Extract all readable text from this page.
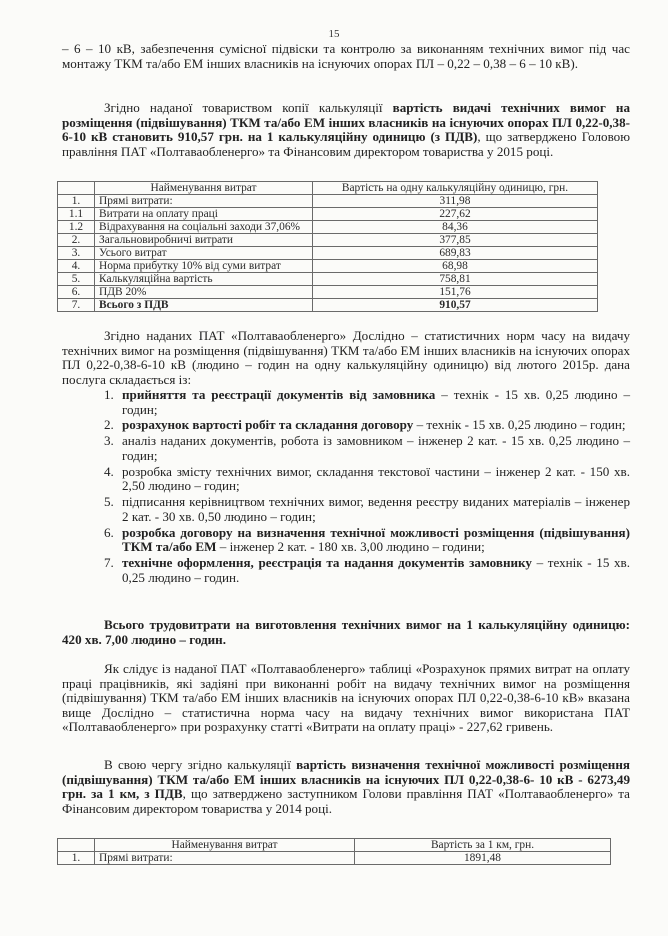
15
– 6 – 10 кВ, забезпечення сумісної підвіски та контролю за виконанням технічних вимог під час монтажу ТКМ та/або ЕМ інших власників на існуючих опорах ПЛ – 0,22 – 0,38 – 6 – 10 кВ).
Згідно наданої товариством копії калькуляції вартість видачі технічних вимог на розміщення (підвішування) ТКМ та/або ЕМ інших власників на існуючих опорах ПЛ 0,22-0,38-6-10 кВ становить 910,57 грн. на 1 калькуляційну одиницю (з ПДВ), що затверджено Головою правління ПАТ «Полтаваобленерго» та Фінансовим директором товариства у 2015 році.
	Найменування витрат	Вартість на одну калькуляційну одиницю, грн.
1.	Прямі витрати:	311,98
1.1	Витрати на оплату праці	227,62
1.2	Відрахування на соціальні заходи 37,06%	84,36
2.	Загальновиробничі витрати	377,85
3.	Усього витрат	689,83
4.	Норма прибутку 10% від суми витрат	68,98
5.	Калькуляційна вартість	758,81
6.	ПДВ 20%	151,76
7.	Всього з ПДВ	910,57
Згідно наданих ПАТ «Полтаваобленерго» Дослідно – статистичних норм часу на видачу технічних вимог на розміщення (підвішування) ТКМ та/або ЕМ інших власників на існуючих опорах ПЛ 0,22-0,38-6-10 кВ (людино – годин на одну калькуляційну одиницю) від лютого 2015р. дана послуга складається із:
1. прийняття та реєстрації документів від замовника – технік - 15 хв. 0,25 людино – годин;
2. розрахунок вартості робіт та складання договору – технік - 15 хв. 0,25 людино – годин;
3. аналіз наданих документів, робота із замовником – інженер 2 кат. - 15 хв. 0,25 людино – годин;
4. розробка змісту технічних вимог, складання текстової частини – інженер 2 кат. - 150 хв. 2,50 людино – годин;
5. підписання керівництвом технічних вимог, ведення реєстру виданих матеріалів – інженер 2 кат. - 30 хв. 0,50 людино – годин;
6. розробка договору на визначення технічної можливості розміщення (підвішування) ТКМ та/або ЕМ – інженер 2 кат. - 180 хв. 3,00 людино – години;
7. технічне оформлення, реєстрація та надання документів замовнику – технік - 15 хв. 0,25 людино – годин.
Всього трудовитрати на виготовлення технічних вимог на 1 калькуляційну одиницю: 420 хв. 7,00 людино – годин.
Як слідує із наданої ПАТ «Полтаваобленерго» таблиці «Розрахунок прямих витрат на оплату праці працівників, які задіяні при виконанні робіт на видачу технічних вимог на розміщення (підвішування) ТКМ та/або ЕМ інших власників на існуючих опорах ПЛ 0,22-0,38-6-10 кВ» вказана вище Дослідно – статистична норма часу на видачу технічних вимог використана ПАТ «Полтаваобленерго» при розрахунку статті «Витрати на оплату праці» - 227,62 гривень.
В свою чергу згідно калькуляції вартість визначення технічної можливості розміщення (підвішування) ТКМ та/або ЕМ інших власників на існуючих ПЛ 0,22-0,38-6- 10 кВ - 6273,49 грн. за 1 км, з ПДВ, що затверджено заступником Голови правління ПАТ «Полтаваобленерго» та Фінансовим директором товариства у 2014 році.
	Найменування витрат	Вартість за 1 км, грн.
1.	Прямі витрати:	1891,48
